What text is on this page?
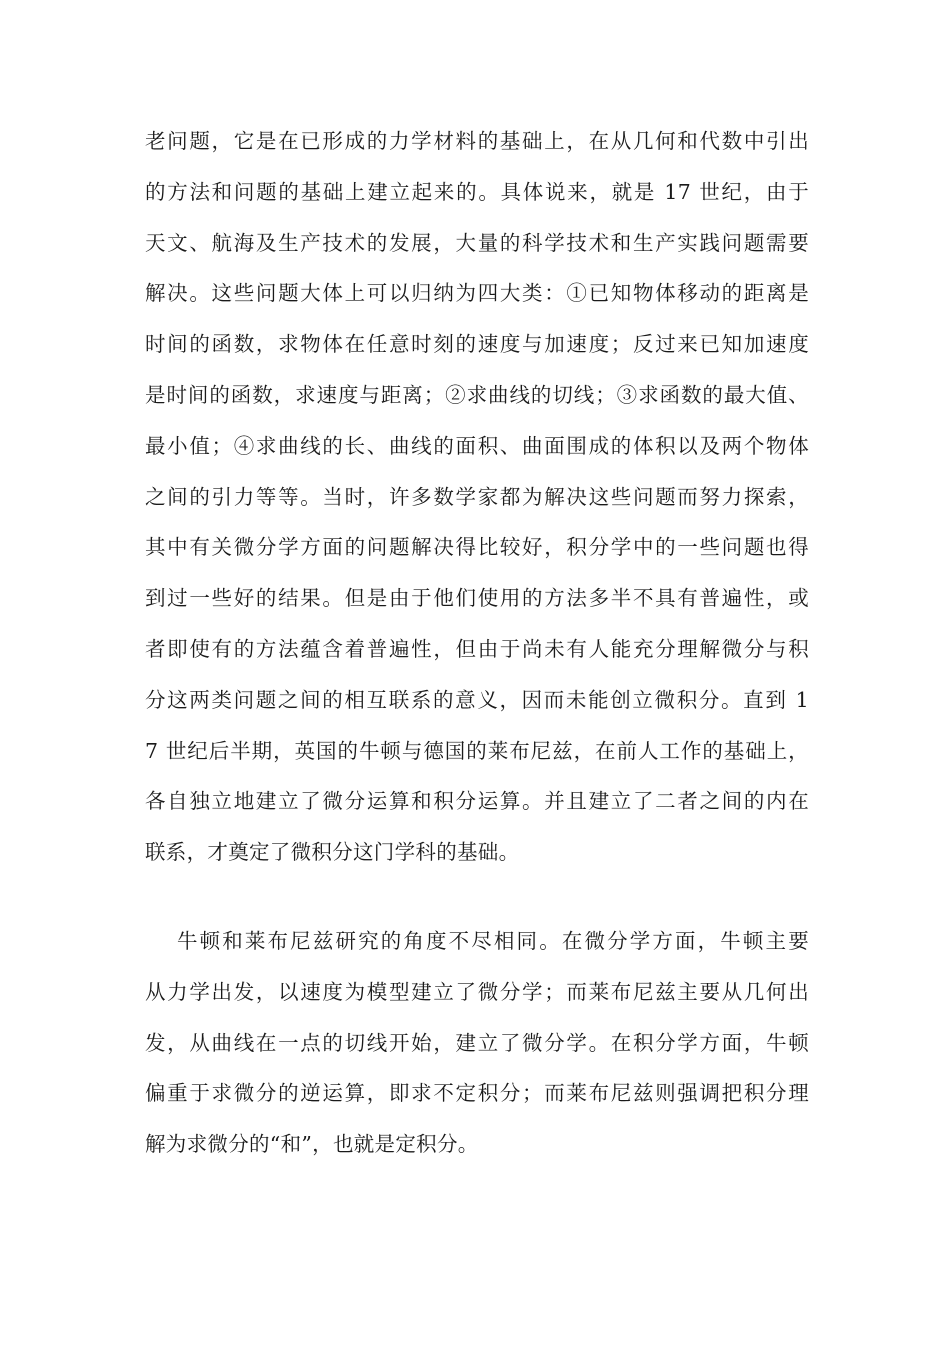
老问题，它是在已形成的力学材料的基础上，在从几何和代数中引出
的方法和问题的基础上建立起来的。具体说来，就是 17 世纪，由于
天文、航海及生产技术的发展，大量的科学技术和生产实践问题需要
解决。这些问题大体上可以归纳为四大类：①已知物体移动的距离是
时间的函数，求物体在任意时刻的速度与加速度；反过来已知加速度
是时间的函数，求速度与距离；②求曲线的切线；③求函数的最大值、
最小值；④求曲线的长、曲线的面积、曲面围成的体积以及两个物体
之间的引力等等。当时，许多数学家都为解决这些问题而努力探索，
其中有关微分学方面的问题解决得比较好，积分学中的一些问题也得
到过一些好的结果。但是由于他们使用的方法多半不具有普遍性，或
者即使有的方法蕴含着普遍性，但由于尚未有人能充分理解微分与积
分这两类问题之间的相互联系的意义，因而未能创立微积分。直到 1
7 世纪后半期，英国的牛顿与德国的莱布尼兹，在前人工作的基础上，
各自独立地建立了微分运算和积分运算。并且建立了二者之间的内在
联系，才奠定了微积分这门学科的基础。
牛顿和莱布尼兹研究的角度不尽相同。在微分学方面，牛顿主要
从力学出发，以速度为模型建立了微分学；而莱布尼兹主要从几何出
发，从曲线在一点的切线开始，建立了微分学。在积分学方面，牛顿
偏重于求微分的逆运算，即求不定积分；而莱布尼兹则强调把积分理
解为求微分的“和”，也就是定积分。
